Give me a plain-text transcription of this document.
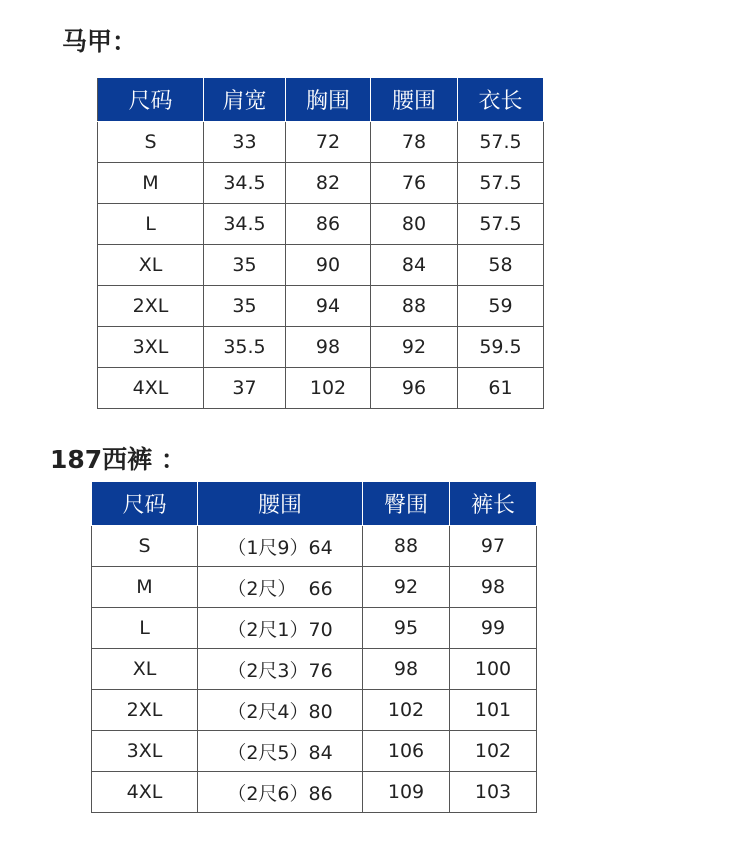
马甲：
尺码	肩宽	胸围	腰围	衣长
S	33	72	78	57.5
M	34.5	82	76	57.5
L	34.5	86	80	57.5
XL	35	90	84	58
2XL	35	94	88	59
3XL	35.5	98	92	59.5
4XL	37	102	96	61
187西裤 ：
尺码	腰围	臀围	裤长
S	（1尺9）64	88	97
M	（2尺）  66	92	98
L	（2尺1）70	95	99
XL	（2尺3）76	98	100
2XL	（2尺4）80	102	101
3XL	（2尺5）84	106	102
4XL	（2尺6）86	109	103
